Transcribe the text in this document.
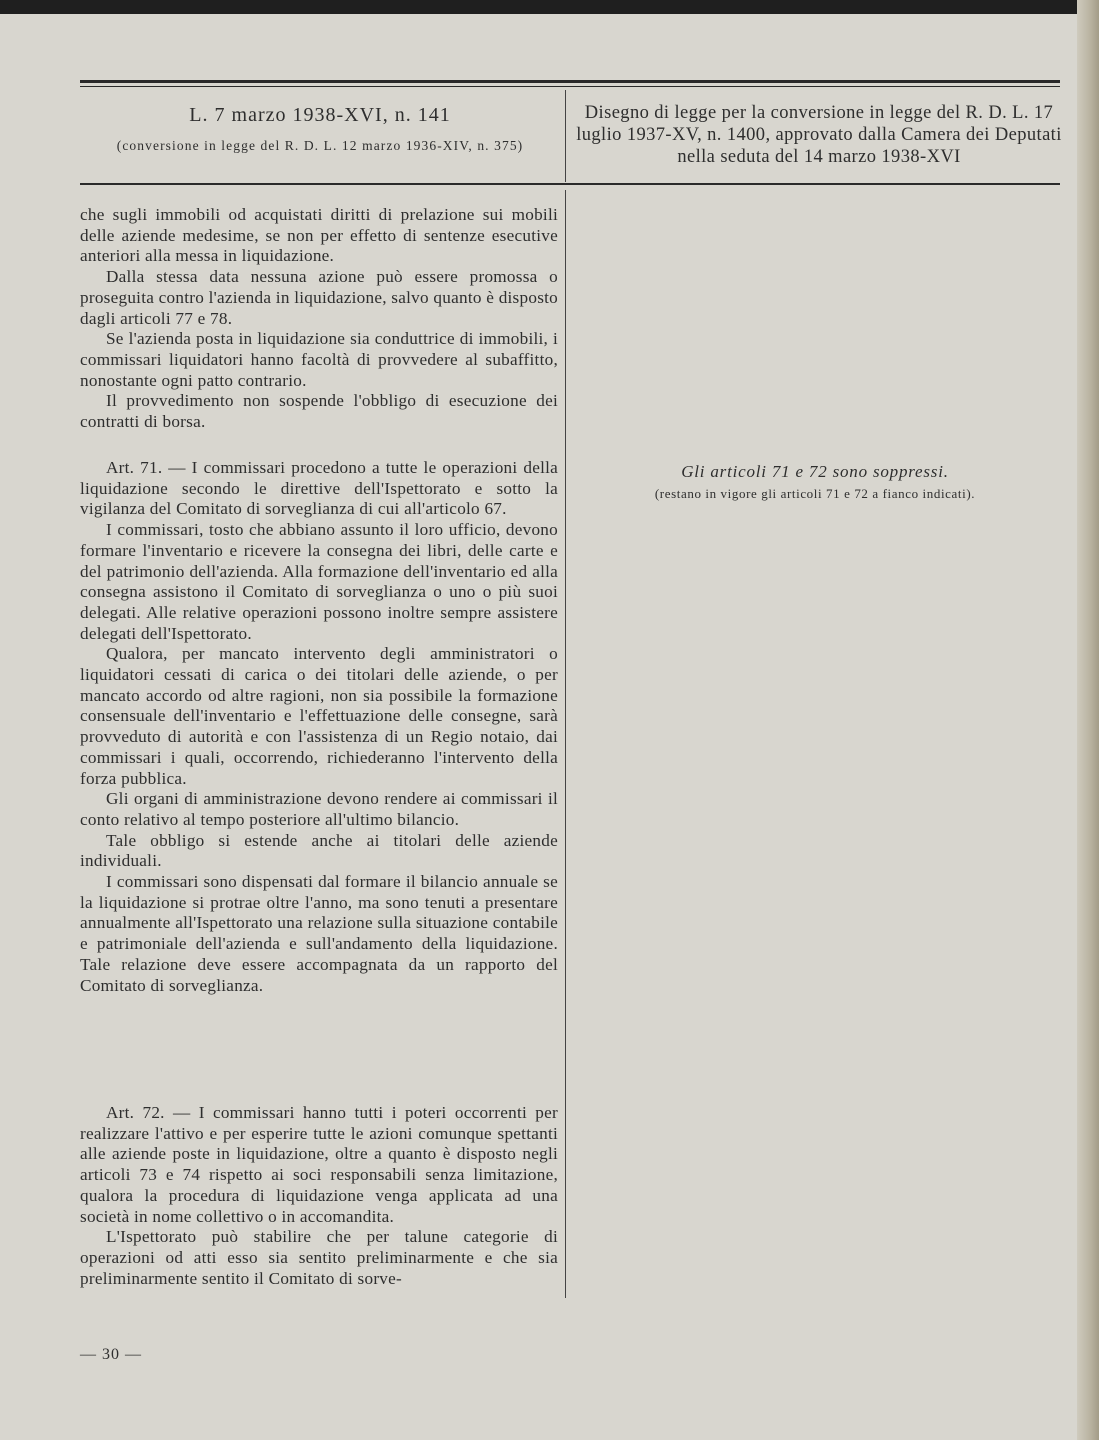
L. 7 marzo 1938-XVI, n. 141
(conversione in legge del R. D. L. 12 marzo 1936-XIV, n. 375)
Disegno di legge per la conversione in legge del R. D. L. 17 luglio 1937-XV, n. 1400, approvato dalla Camera dei Deputati nella seduta del 14 marzo 1938-XVI

che sugli immobili od acquistati diritti di prelazione sui mobili delle aziende medesime, se non per effetto di sentenze esecutive anteriori alla messa in liquidazione.

Dalla stessa data nessuna azione può essere promossa o proseguita contro l'azienda in liquidazione, salvo quanto è disposto dagli articoli 77 e 78.

Se l'azienda posta in liquidazione sia conduttrice di immobili, i commissari liquidatori hanno facoltà di provvedere al subaffitto, nonostante ogni patto contrario.

Il provvedimento non sospende l'obbligo di esecuzione dei contratti di borsa.

Art. 71. — I commissari procedono a tutte le operazioni della liquidazione secondo le direttive dell'Ispettorato e sotto la vigilanza del Comitato di sorveglianza di cui all'articolo 67.

I commissari, tosto che abbiano assunto il loro ufficio, devono formare l'inventario e ricevere la consegna dei libri, delle carte e del patrimonio dell'azienda. Alla formazione dell'inventario ed alla consegna assistono il Comitato di sorveglianza o uno o più suoi delegati. Alle relative operazioni possono inoltre sempre assistere delegati dell'Ispettorato.

Qualora, per mancato intervento degli amministratori o liquidatori cessati di carica o dei titolari delle aziende, o per mancato accordo od altre ragioni, non sia possibile la formazione consensuale dell'inventario e l'effettuazione delle consegne, sarà provveduto di autorità e con l'assistenza di un Regio notaio, dai commissari i quali, occorrendo, richiederanno l'intervento della forza pubblica.

Gli organi di amministrazione devono rendere ai commissari il conto relativo al tempo posteriore all'ultimo bilancio.

Tale obbligo si estende anche ai titolari delle aziende individuali.

I commissari sono dispensati dal formare il bilancio annuale se la liquidazione si protrae oltre l'anno, ma sono tenuti a presentare annualmente all'Ispettorato una relazione sulla situazione contabile e patrimoniale dell'azienda e sull'andamento della liquidazione. Tale relazione deve essere accompagnata da un rapporto del Comitato di sorveglianza.

Art. 72. — I commissari hanno tutti i poteri occorrenti per realizzare l'attivo e per esperire tutte le azioni comunque spettanti alle aziende poste in liquidazione, oltre a quanto è disposto negli articoli 73 e 74 rispetto ai soci responsabili senza limitazione, qualora la procedura di liquidazione venga applicata ad una società in nome collettivo o in accomandita.

L'Ispettorato può stabilire che per talune categorie di operazioni od atti esso sia sentito preliminarmente e che sia preliminarmente sentito il Comitato di sorve-

Gli articoli 71 e 72 sono soppressi.
(restano in vigore gli articoli 71 e 72 a fianco indicati).
— 30 —
